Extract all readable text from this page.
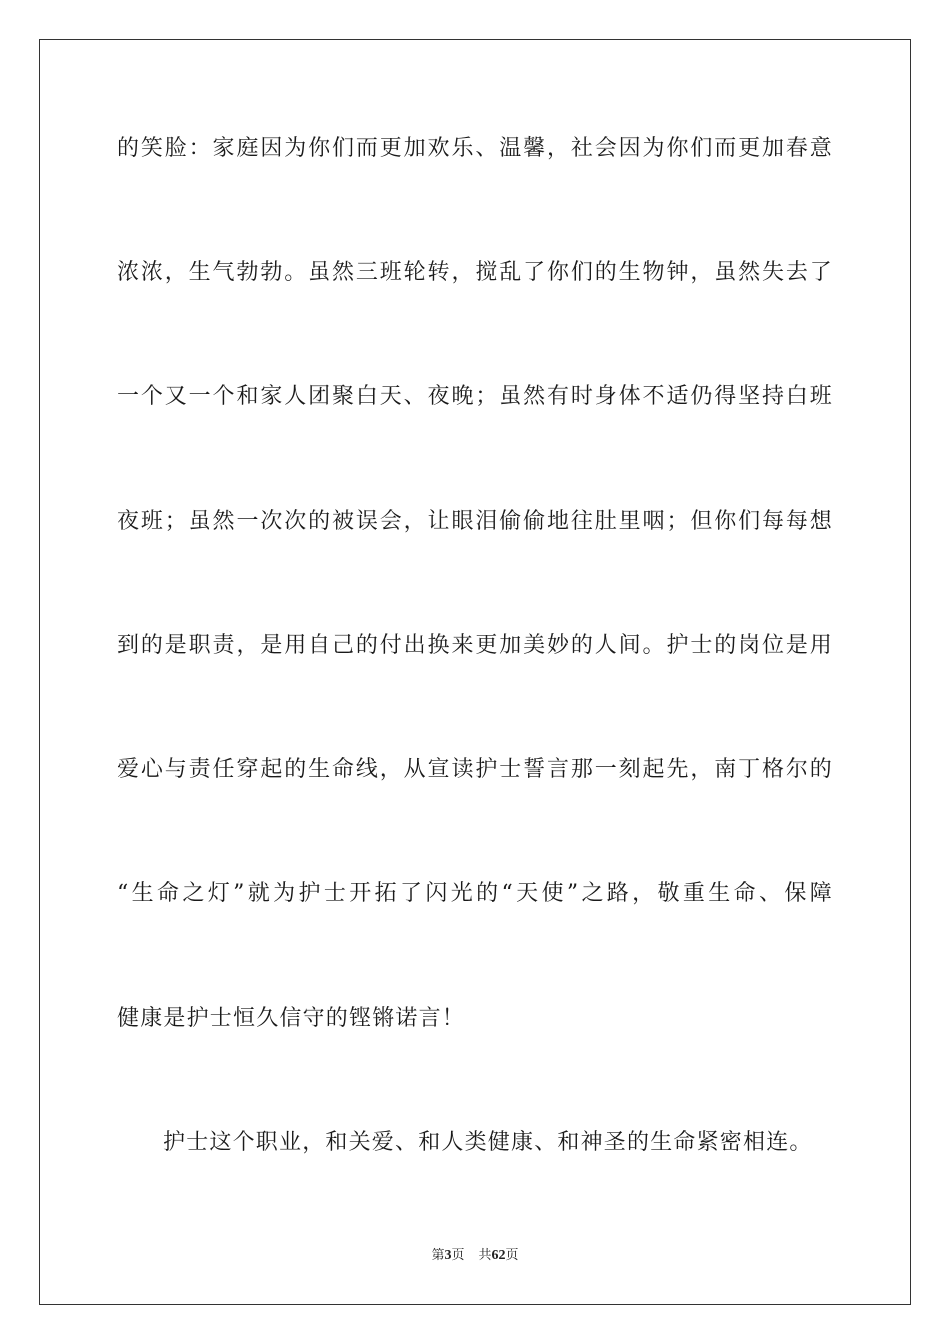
的笑脸：家庭因为你们而更加欢乐、温馨，社会因为你们而更加春意
浓浓，生气勃勃。虽然三班轮转，搅乱了你们的生物钟，虽然失去了
一个又一个和家人团聚白天、夜晚；虽然有时身体不适仍得坚持白班
夜班；虽然一次次的被误会，让眼泪偷偷地往肚里咽；但你们每每想
到的是职责，是用自己的付出换来更加美妙的人间。护士的岗位是用
爱心与责任穿起的生命线，从宣读护士誓言那一刻起先，南丁格尔的
“生命之灯”就为护士开拓了闪光的“天使”之路，敬重生命、保障
健康是护士恒久信守的铿锵诺言！
护士这个职业，和关爱、和人类健康、和神圣的生命紧密相连。
第3页 共62页
